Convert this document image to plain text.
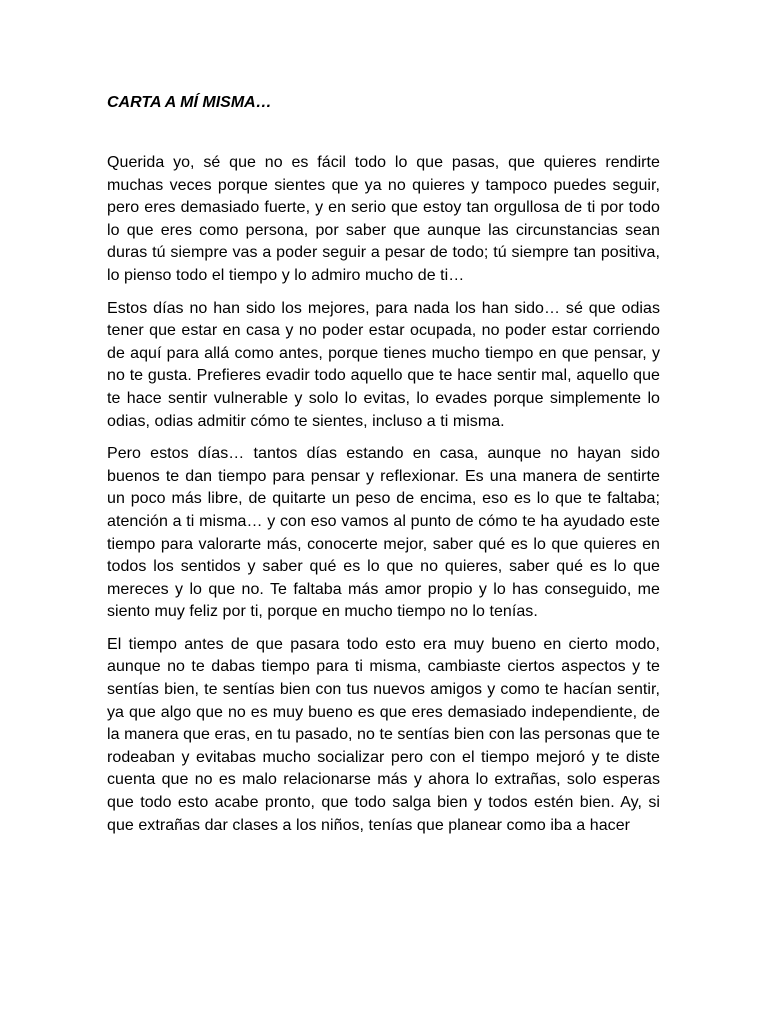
CARTA A MÍ MISMA…

Querida yo, sé que no es fácil todo lo que pasas, que quieres rendirte muchas veces porque sientes que ya no quieres y tampoco puedes seguir, pero eres demasiado fuerte, y en serio que estoy tan orgullosa de ti por todo lo que eres como persona, por saber que aunque las circunstancias sean duras tú siempre vas a poder seguir a pesar de todo; tú siempre tan positiva, lo pienso todo el tiempo y lo admiro mucho de ti…

Estos días no han sido los mejores, para nada los han sido… sé que odias tener que estar en casa y no poder estar ocupada, no poder estar corriendo de aquí para allá como antes, porque tienes mucho tiempo en que pensar, y no te gusta. Prefieres evadir todo aquello que te hace sentir mal, aquello que te hace sentir vulnerable y solo lo evitas, lo evades porque simplemente lo odias, odias admitir cómo te sientes, incluso a ti misma.

Pero estos días… tantos días estando en casa, aunque no hayan sido buenos te dan tiempo para pensar y reflexionar. Es una manera de sentirte un poco más libre, de quitarte un peso de encima, eso es lo que te faltaba; atención a ti misma… y con eso vamos al punto de cómo te ha ayudado este tiempo para valorarte más, conocerte mejor, saber qué es lo que quieres en todos los sentidos y saber qué es lo que no quieres, saber qué es lo que mereces y lo que no. Te faltaba más amor propio y lo has conseguido, me siento muy feliz por ti, porque en mucho tiempo no lo tenías.

El tiempo antes de que pasara todo esto era muy bueno en cierto modo, aunque no te dabas tiempo para ti misma, cambiaste ciertos aspectos y te sentías bien, te sentías bien con tus nuevos amigos y como te hacían sentir, ya que algo que no es muy bueno es que eres demasiado independiente, de la manera que eras, en tu pasado, no te sentías bien con las personas que te rodeaban y evitabas mucho socializar pero con el tiempo mejoró y te diste cuenta que no es malo relacionarse más y ahora lo extrañas, solo esperas que todo esto acabe pronto, que todo salga bien y todos estén bien. Ay, si que extrañas dar clases a los niños, tenías que planear como iba a hacer
